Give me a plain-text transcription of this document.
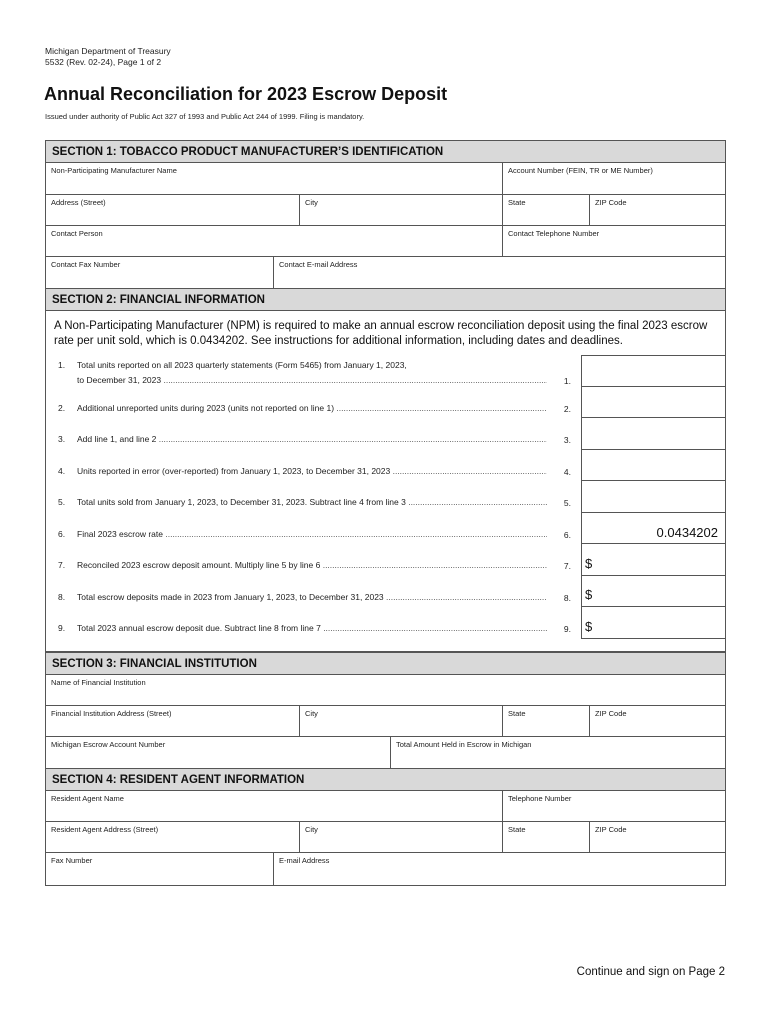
Michigan Department of Treasury
5532 (Rev. 02-24), Page 1 of 2
Annual Reconciliation for 2023 Escrow Deposit
Issued under authority of Public Act 327 of 1993 and Public Act 244 of 1999. Filing is mandatory.
SECTION 1: TOBACCO PRODUCT MANUFACTURER’S IDENTIFICATION
Non-Participating Manufacturer Name	Account Number (FEIN, TR or ME Number)
Address (Street)	City	State	ZIP Code
Contact Person	Contact Telephone Number
Contact Fax Number	Contact E-mail Address
SECTION 2: FINANCIAL INFORMATION
A Non-Participating Manufacturer (NPM) is required to make an annual escrow reconciliation deposit using the final 2023 escrow rate per unit sold, which is 0.0434202. See instructions for additional information, including dates and deadlines.
1. Total units reported on all 2023 quarterly statements (Form 5465) from January 1, 2023,
to December 31, 2023 .....	1.
2. Additional unreported units during 2023 (units not reported on line 1) .....	2.
3. Add line 1, and line 2 .....	3.
4. Units reported in error (over-reported) from January 1, 2023, to December 31, 2023 .....	4.
5. Total units sold from January 1, 2023, to December 31, 2023. Subtract line 4 from line 3 .....	5.
6. Final 2023 escrow rate .....	6.	0.0434202
7. Reconciled 2023 escrow deposit amount. Multiply line 5 by line 6 .....	7. $
8. Total escrow deposits made in 2023 from January 1, 2023, to December 31, 2023 .....	8. $
9. Total 2023 annual escrow deposit due. Subtract line 8 from line 7 .....	9. $
SECTION 3: FINANCIAL INSTITUTION
Name of Financial Institution
Financial Institution Address (Street)	City	State	ZIP Code
Michigan Escrow Account Number	Total Amount Held in Escrow in Michigan
SECTION 4: RESIDENT AGENT INFORMATION
Resident Agent Name	Telephone Number
Resident Agent Address (Street)	City	State	ZIP Code
Fax Number	E-mail Address
Continue and sign on Page 2
